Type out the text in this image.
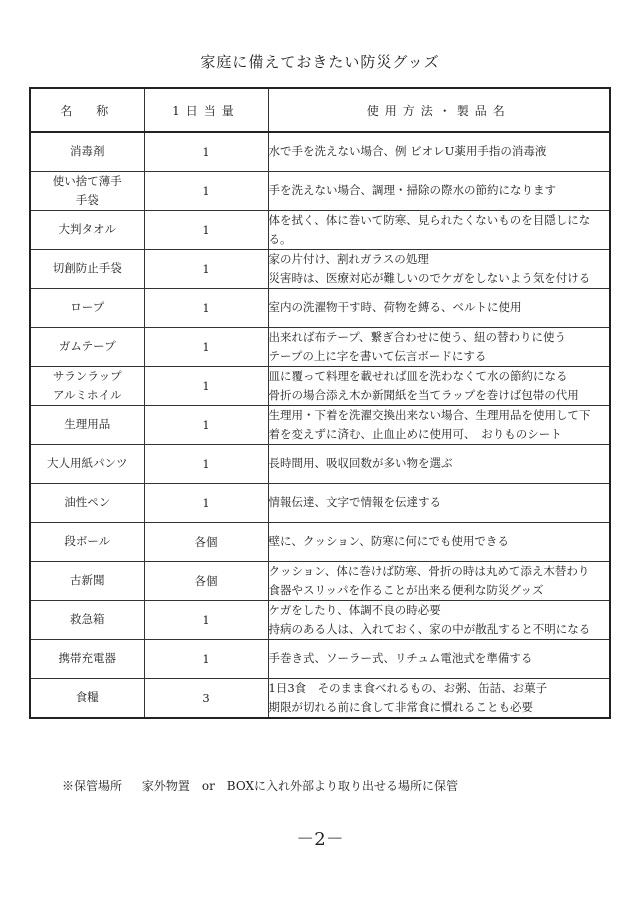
家庭に備えておきたい防災グッズ
名　称	1日当量	使用方法・製品名

消毒剤	1	水で手を洗えない場合、例 ビオレU薬用手指の消毒液

使い捨て薄手
手袋	1	手を洗えない場合、調理・掃除の際水の節約になります

大判タオル	1	体を拭く、体に巻いて防寒、見られたくないものを目隠しにな
る。

切創防止手袋	1	家の片付け、割れガラスの処理
災害時は、医療対応が難しいのでケガをしないよう気を付ける

ロープ	1	室内の洗濯物干す時、荷物を縛る、ベルトに使用

ガムテープ	1	出来れば布テープ、繋ぎ合わせに使う、紐の替わりに使う
テープの上に字を書いて伝言ボードにする

サランラップ
アルミホイル	1	皿に覆って料理を載せれば皿を洗わなくて水の節約になる
骨折の場合添え木か新聞紙を当てラップを巻けば包帯の代用

生理用品	1	生理用・下着を洗濯交換出来ない場合、生理用品を使用して下
着を変えずに済む、止血止めに使用可、　おりものシート

大人用紙パンツ	1	長時間用、吸収回数が多い物を選ぶ

油性ペン	1	情報伝達、文字で情報を伝達する

段ボール	各個	壁に、クッション、防寒に何にでも使用できる

古新聞	各個	クッション、体に巻けば防寒、骨折の時は丸めて添え木替わり
食器やスリッパを作ることが出来る便利な防災グッズ

救急箱	1	ケガをしたり、体調不良の時必要
持病のある人は、入れておく、家の中が散乱すると不明になる

携帯充電器	1	手巻き式、ソーラー式、リチュム電池式を準備する

食糧	3	1日3食　そのまま食べれるもの、お粥、缶詰、お菓子
期限が切れる前に食して非常食に慣れることも必要
※保管場所 家外物置　or　BOXに入れ外部より取り出せる場所に保管
－2－
